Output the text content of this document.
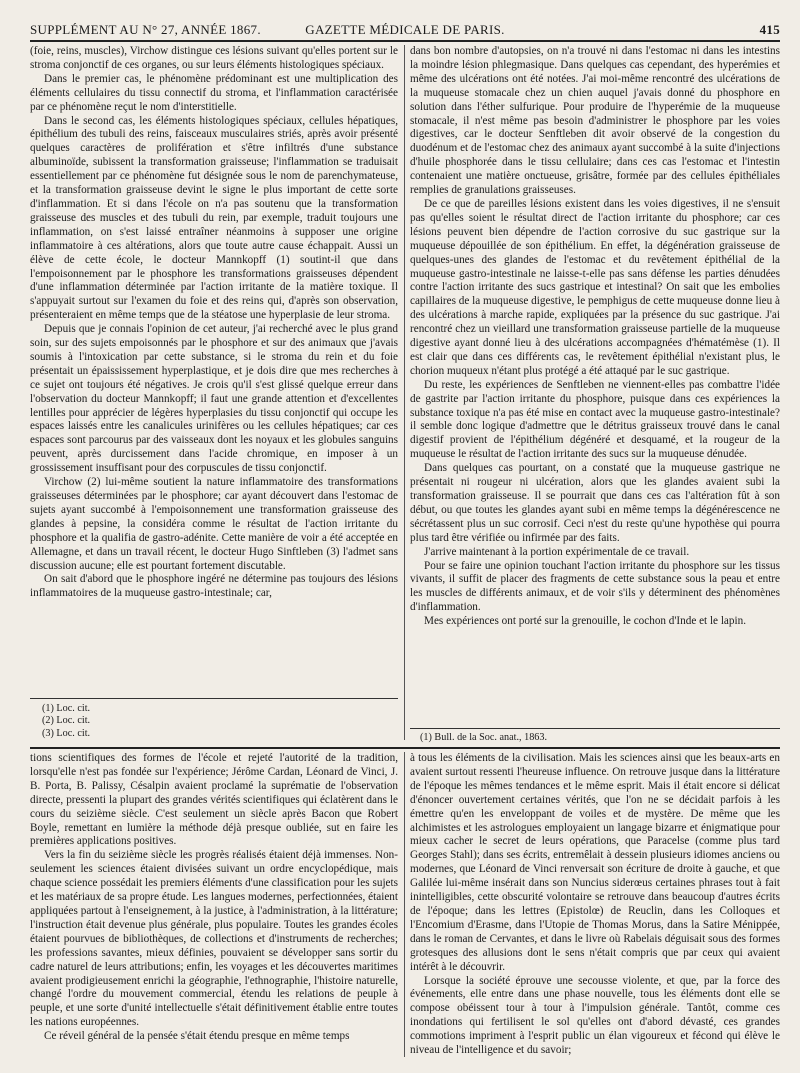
SUPPLÉMENT AU N° 27, ANNÉE 1867.	GAZETTE MÉDICALE DE PARIS.	415

(foie, reins, muscles), Virchow distingue ces lésions suivant qu'elles portent sur le stroma conjonctif de ces organes, ou sur leurs éléments histologiques spéciaux.

Dans le premier cas, le phénomène prédominant est une multiplication des éléments cellulaires du tissu connectif du stroma, et l'inflammation caractérisée par ce phénomène reçut le nom d'interstitielle.

Dans le second cas, les éléments histologiques spéciaux, cellules hépatiques, épithélium des tubuli des reins, faisceaux musculaires striés, après avoir présenté quelques caractères de prolifération et s'être infiltrés d'une substance albuminoïde, subissent la transformation graisseuse; l'inflammation se traduisait essentiellement par ce phénomène fut désignée sous le nom de parenchymateuse, et la transformation graisseuse devint le signe le plus important de cette sorte d'inflammation. Et si dans l'école on n'a pas soutenu que la transformation graisseuse des muscles et des tubuli du rein, par exemple, traduit toujours une inflammation, on s'est laissé entraîner néanmoins à supposer une origine inflammatoire à ces altérations, alors que toute autre cause échappait. Aussi un élève de cette école, le docteur Mannkopff (1) soutint-il que dans l'empoisonnement par le phosphore les transformations graisseuses dépendent d'une inflammation déterminée par l'action irritante de la matière toxique. Il s'appuyait surtout sur l'examen du foie et des reins qui, d'après son observation, présenteraient en même temps que de la stéatose une hyperplasie de leur stroma.

Depuis que je connais l'opinion de cet auteur, j'ai recherché avec le plus grand soin, sur des sujets empoisonnés par le phosphore et sur des animaux que j'avais soumis à l'intoxication par cette substance, si le stroma du rein et du foie présentait un épaississement hyperplastique, et je dois dire que mes recherches à ce sujet ont toujours été négatives. Je crois qu'il s'est glissé quelque erreur dans l'observation du docteur Mannkopff; il faut une grande attention et d'excellentes lentilles pour apprécier de légères hyperplasies du tissu conjonctif qui occupe les espaces laissés entre les canalicules urinifères ou les cellules hépatiques; car ces espaces sont parcourus par des vaisseaux dont les noyaux et les globules sanguins peuvent, après durcissement dans l'acide chromique, en imposer à un grossissement insuffisant pour des corpuscules de tissu conjonctif.

Virchow (2) lui-même soutient la nature inflammatoire des transformations graisseuses déterminées par le phosphore; car ayant découvert dans l'estomac de sujets ayant succombé à l'empoisonnement une transformation graisseuse des glandes à pepsine, la considéra comme le résultat de l'action irritante du phosphore et la qualifia de gastro-adénite. Cette manière de voir a été acceptée en Allemagne, et dans un travail récent, le docteur Hugo Sinftleben (3) l'admet sans discussion aucune; elle est pourtant fortement discutable.

On sait d'abord que le phosphore ingéré ne détermine pas toujours des lésions inflammatoires de la muqueuse gastro-intestinale; car,

(1) Loc. cit.
(2) Loc. cit.
(3) Loc. cit.

dans bon nombre d'autopsies, on n'a trouvé ni dans l'estomac ni dans les intestins la moindre lésion phlegmasique. Dans quelques cas cependant, des hyperémies et même des ulcérations ont été notées. J'ai moi-même rencontré des ulcérations de la muqueuse stomacale chez un chien auquel j'avais donné du phosphore en solution dans l'éther sulfurique. Pour produire de l'hyperémie de la muqueuse stomacale, il n'est même pas besoin d'administrer le phosphore par les voies digestives, car le docteur Senftleben dit avoir observé de la congestion du duodénum et de l'estomac chez des animaux ayant succombé à la suite d'injections d'huile phosphorée dans le tissu cellulaire; dans ces cas l'estomac et l'intestin contenaient une matière onctueuse, grisâtre, formée par des cellules épithéliales remplies de granulations graisseuses.

De ce que de pareilles lésions existent dans les voies digestives, il ne s'ensuit pas qu'elles soient le résultat direct de l'action irritante du phosphore; car ces lésions peuvent bien dépendre de l'action corrosive du suc gastrique sur la muqueuse dépouillée de son épithélium. En effet, la dégénération graisseuse de quelques-unes des glandes de l'estomac et du revêtement épithélial de la muqueuse gastro-intestinale ne laisse-t-elle pas sans défense les parties dénudées contre l'action irritante des sucs gastrique et intestinal? On sait que les embolies capillaires de la muqueuse digestive, le pemphigus de cette muqueuse donne lieu à des ulcérations à marche rapide, expliquées par la présence du suc gastrique. J'ai rencontré chez un vieillard une transformation graisseuse partielle de la muqueuse digestive ayant donné lieu à des ulcérations accompagnées d'hématémèse (1). Il est clair que dans ces différents cas, le revêtement épithélial n'existant plus, le chorion muqueux n'étant plus protégé a été attaqué par le suc gastrique.

Du reste, les expériences de Senftleben ne viennent-elles pas combattre l'idée de gastrite par l'action irritante du phosphore, puisque dans ces expériences la substance toxique n'a pas été mise en contact avec la muqueuse gastro-intestinale? il semble donc logique d'admettre que le détritus graisseux trouvé dans le canal digestif provient de l'épithélium dégénéré et desquamé, et la rougeur de la muqueuse le résultat de l'action irritante des sucs sur la muqueuse dénudée.

Dans quelques cas pourtant, on a constaté que la muqueuse gastrique ne présentait ni rougeur ni ulcération, alors que les glandes avaient subi la transformation graisseuse. Il se pourrait que dans ces cas l'altération fût à son début, ou que toutes les glandes ayant subi en même temps la dégénérescence ne sécrétassent plus un suc corrosif. Ceci n'est du reste qu'une hypothèse qui pourra plus tard être vérifiée ou infirmée par des faits.

J'arrive maintenant à la portion expérimentale de ce travail.

Pour se faire une opinion touchant l'action irritante du phosphore sur les tissus vivants, il suffit de placer des fragments de cette substance sous la peau et entre les muscles de différents animaux, et de voir s'ils y déterminent des phénomènes d'inflammation.

Mes expériences ont porté sur la grenouille, le cochon d'Inde et le lapin.

(1) Bull. de la Soc. anat., 1863.

tions scientifiques des formes de l'école et rejeté l'autorité de la tradition, lorsqu'elle n'est pas fondée sur l'expérience; Jérôme Cardan, Léonard de Vinci, J. B. Porta, B. Palissy, Césalpin avaient proclamé la suprématie de l'observation directe, pressenti la plupart des grandes vérités scientifiques qui éclatèrent dans le cours du seizième siècle. C'est seulement un siècle après Bacon que Robert Boyle, remettant en lumière la méthode déjà presque oubliée, sut en faire les premières applications positives.

Vers la fin du seizième siècle les progrès réalisés étaient déjà immenses. Non-seulement les sciences étaient divisées suivant un ordre encyclopédique, mais chaque science possédait les premiers éléments d'une classification pour les sujets et les matériaux de sa propre étude. Les langues modernes, perfectionnées, étaient appliquées partout à l'enseignement, à la justice, à l'administration, à la littérature; l'instruction était devenue plus générale, plus populaire. Toutes les grandes écoles étaient pourvues de bibliothèques, de collections et d'instruments de recherches; les professions savantes, mieux définies, pouvaient se développer sans sortir du cadre naturel de leurs attributions; enfin, les voyages et les découvertes maritimes avaient prodigieusement enrichi la géographie, l'ethnographie, l'histoire naturelle, changé l'ordre du mouvement commercial, étendu les relations de peuple à peuple, et une sorte d'unité intellectuelle s'était définitivement établie entre toutes les nations européennes.

Ce réveil général de la pensée s'était étendu presque en même temps

à tous les éléments de la civilisation. Mais les sciences ainsi que les beaux-arts en avaient surtout ressenti l'heureuse influence. On retrouve jusque dans la littérature de l'époque les mêmes tendances et le même esprit. Mais il était encore si délicat d'énoncer ouvertement certaines vérités, que l'on ne se décidait parfois à les émettre qu'en les enveloppant de voiles et de mystère. De même que les alchimistes et les astrologues employaient un langage bizarre et énigmatique pour mieux cacher le secret de leurs opérations, que Paracelse (comme plus tard Georges Stahl); dans ses écrits, entremêlait à dessein plusieurs idiomes anciens ou modernes, que Léonard de Vinci renversait son écriture de droite à gauche, et que Galilée lui-même insérait dans son Nuncius siderœus certaines phrases tout à fait inintelligibles, cette obscurité volontaire se retrouve dans beaucoup d'autres écrits de l'époque; dans les lettres (Epistolœ) de Reuclin, dans les Colloques et l'Encomium d'Erasme, dans l'Utopie de Thomas Morus, dans la Satire Ménippée, dans le roman de Cervantes, et dans le livre où Rabelais déguisait sous des formes grotesques des allusions dont le sens n'était compris que par ceux qui avaient intérêt à le découvrir.

Lorsque la société éprouve une secousse violente, et que, par la force des événements, elle entre dans une phase nouvelle, tous les éléments dont elle se compose obéissent tour à tour à l'impulsion générale. Tantôt, comme ces inondations qui fertilisent le sol qu'elles ont d'abord dévasté, ces grandes commotions impriment à l'esprit public un élan vigoureux et fécond qui élève le niveau de l'intelligence et du savoir;
